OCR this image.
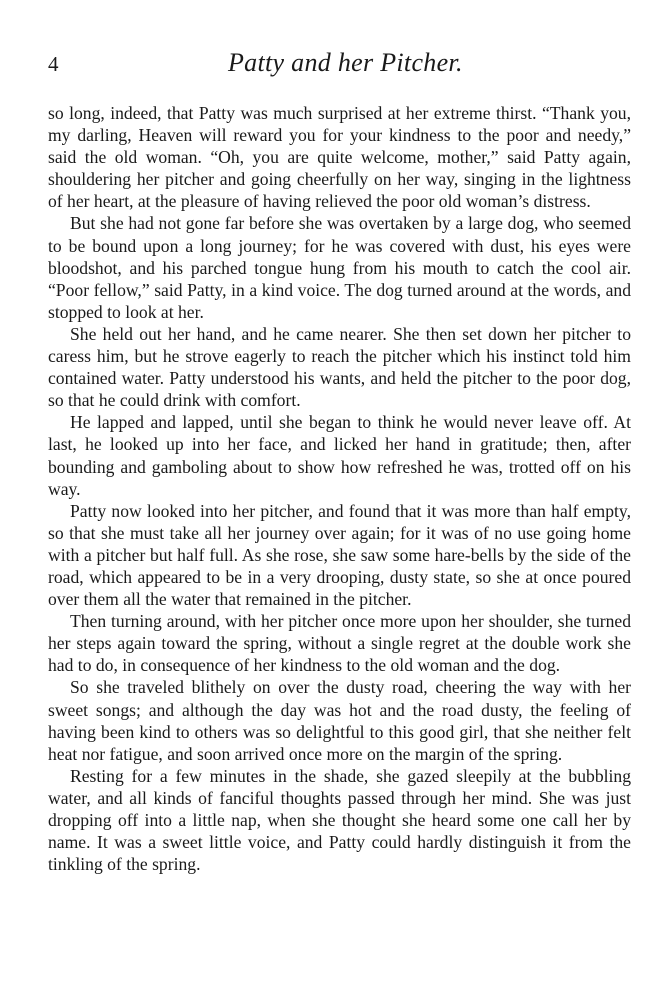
4	Patty and her Pitcher.

so long, indeed, that Patty was much surprised at her extreme thirst. “Thank you, my darling, Heaven will reward you for your kindness to the poor and needy,” said the old woman. “Oh, you are quite welcome, mother,” said Patty again, shouldering her pitcher and going cheerfully on her way, singing in the lightness of her heart, at the pleasure of having relieved the poor old woman’s distress.

But she had not gone far before she was overtaken by a large dog, who seemed to be bound upon a long journey; for he was covered with dust, his eyes were bloodshot, and his parched tongue hung from his mouth to catch the cool air. “Poor fellow,” said Patty, in a kind voice. The dog turned around at the words, and stopped to look at her.

She held out her hand, and he came nearer. She then set down her pitcher to caress him, but he strove eagerly to reach the pitcher which his instinct told him contained water. Patty understood his wants, and held the pitcher to the poor dog, so that he could drink with comfort.

He lapped and lapped, until she began to think he would never leave off. At last, he looked up into her face, and licked her hand in gratitude; then, after bounding and gamboling about to show how refreshed he was, trotted off on his way.

Patty now looked into her pitcher, and found that it was more than half empty, so that she must take all her journey over again; for it was of no use going home with a pitcher but half full. As she rose, she saw some hare-bells by the side of the road, which appeared to be in a very drooping, dusty state, so she at once poured over them all the water that remained in the pitcher.

Then turning around, with her pitcher once more upon her shoulder, she turned her steps again toward the spring, without a single regret at the double work she had to do, in consequence of her kindness to the old woman and the dog.

So she traveled blithely on over the dusty road, cheering the way with her sweet songs; and although the day was hot and the road dusty, the feeling of having been kind to others was so delightful to this good girl, that she neither felt heat nor fatigue, and soon arrived once more on the margin of the spring.

Resting for a few minutes in the shade, she gazed sleepily at the bubbling water, and all kinds of fanciful thoughts passed through her mind. She was just dropping off into a little nap, when she thought she heard some one call her by name. It was a sweet little voice, and Patty could hardly distinguish it from the tinkling of the spring.
